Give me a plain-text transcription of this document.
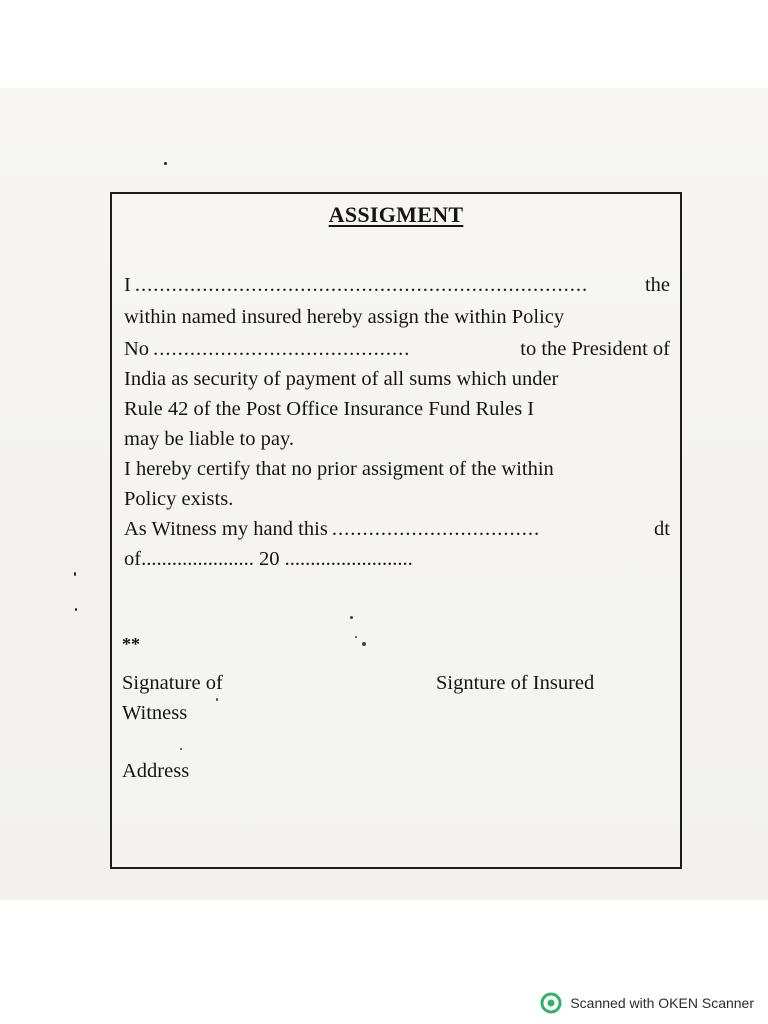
ASSIGMENT
I ..........................................................................	the
within named insured hereby assign the within Policy
No ..........................................	to the President of
India as security of payment of all sums which under
Rule 42 of the Post Office Insurance Fund Rules I
may be liable to pay.
I hereby certify that no prior assigment of the within
Policy exists.
As Witness my hand this ..................................	dt
of...................... 20 .........................
**
Signature of
Witness
Signture of Insured
Address
Scanned with OKEN Scanner
